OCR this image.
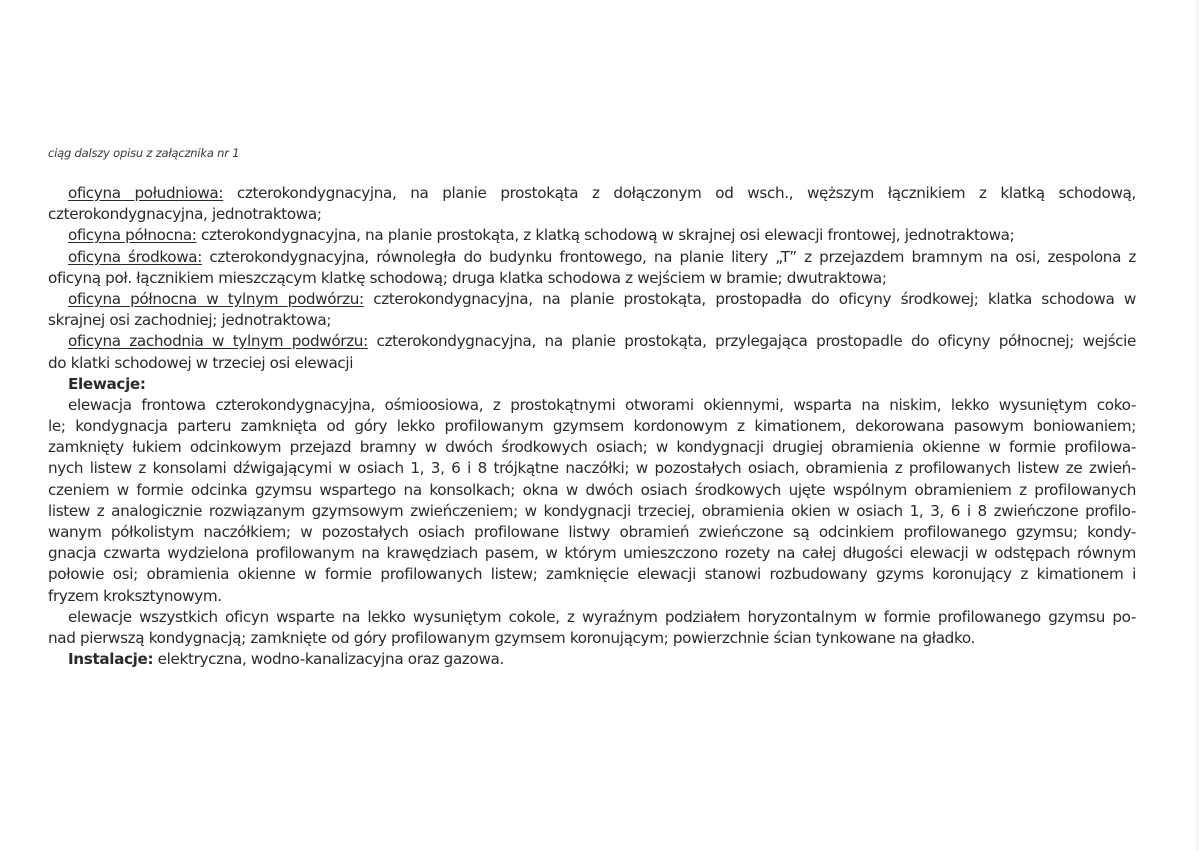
ciąg dalszy opisu z załącznika nr 1
oficyna południowa: czterokondygnacyjna, na planie prostokąta z dołączonym od wsch., węższym łącznikiem z klatką schodową,
czterokondygnacyjna, jednotraktowa;
oficyna północna: czterokondygnacyjna, na planie prostokąta, z klatką schodową w skrajnej osi elewacji frontowej, jednotraktowa;
oficyna środkowa: czterokondygnacyjna, równoległa do budynku frontowego, na planie litery „T” z przejazdem bramnym na osi, zespolona z
oficyną poł. łącznikiem mieszczącym klatkę schodową; druga klatka schodowa z wejściem w bramie; dwutraktowa;
oficyna północna w tylnym podwórzu: czterokondygnacyjna, na planie prostokąta, prostopadła do oficyny środkowej; klatka schodowa w
skrajnej osi zachodniej; jednotraktowa;
oficyna zachodnia w tylnym podwórzu: czterokondygnacyjna, na planie prostokąta, przylegająca prostopadle do oficyny północnej; wejście
do klatki schodowej w trzeciej osi elewacji
Elewacje:
elewacja frontowa czterokondygnacyjna, ośmioosiowa, z prostokątnymi otworami okiennymi, wsparta na niskim, lekko wysuniętym coko-
le; kondygnacja parteru zamknięta od góry lekko profilowanym gzymsem kordonowym z kimationem, dekorowana pasowym boniowaniem;
zamknięty łukiem odcinkowym przejazd bramny w dwóch środkowych osiach; w kondygnacji drugiej obramienia okienne w formie profilowa-
nych listew z konsolami dźwigającymi w osiach 1, 3, 6 i 8 trójkątne naczółki; w pozostałych osiach, obramienia z profilowanych listew ze zwień-
czeniem w formie odcinka gzymsu wspartego na konsolkach; okna w dwóch osiach środkowych ujęte wspólnym obramieniem z profilowanych
listew z analogicznie rozwiązanym gzymsowym zwieńczeniem; w kondygnacji trzeciej, obramienia okien w osiach 1, 3, 6 i 8 zwieńczone profilo-
wanym półkolistym naczółkiem; w pozostałych osiach profilowane listwy obramień zwieńczone są odcinkiem profilowanego gzymsu; kondy-
gnacja czwarta wydzielona profilowanym na krawędziach pasem, w którym umieszczono rozety na całej długości elewacji w odstępach równym
połowie osi; obramienia okienne w formie profilowanych listew; zamknięcie elewacji stanowi rozbudowany gzyms koronujący z kimationem i
fryzem kroksztynowym.
elewacje wszystkich oficyn wsparte na lekko wysuniętym cokole, z wyraźnym podziałem horyzontalnym w formie profilowanego gzymsu po-
nad pierwszą kondygnacją; zamknięte od góry profilowanym gzymsem koronującym; powierzchnie ścian tynkowane na gładko.
Instalacje: elektryczna, wodno-kanalizacyjna oraz gazowa.
